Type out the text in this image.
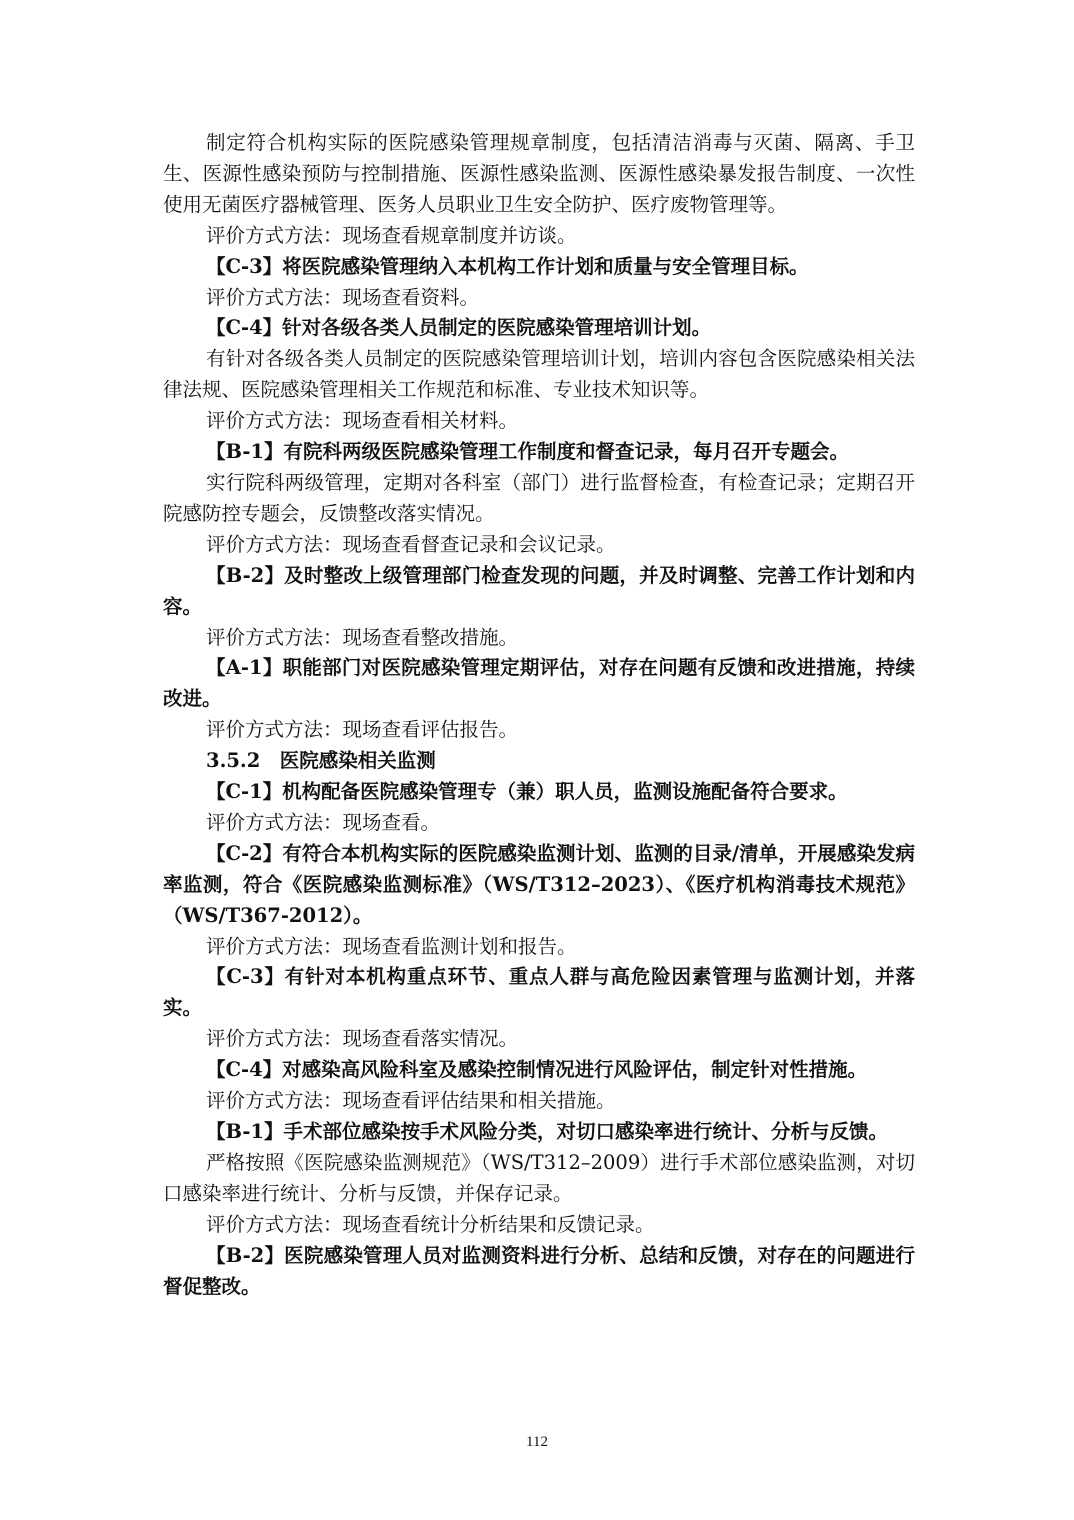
制定符合机构实际的医院感染管理规章制度，包括清洁消毒与灭菌、隔离、手卫生、医源性感染预防与控制措施、医源性感染监测、医源性感染暴发报告制度、一次性使用无菌医疗器械管理、医务人员职业卫生安全防护、医疗废物管理等。

评价方式方法：现场查看规章制度并访谈。

【C-3】将医院感染管理纳入本机构工作计划和质量与安全管理目标。

评价方式方法：现场查看资料。

【C-4】针对各级各类人员制定的医院感染管理培训计划。

有针对各级各类人员制定的医院感染管理培训计划，培训内容包含医院感染相关法律法规、医院感染管理相关工作规范和标准、专业技术知识等。

评价方式方法：现场查看相关材料。

【B-1】有院科两级医院感染管理工作制度和督查记录，每月召开专题会。

实行院科两级管理，定期对各科室（部门）进行监督检查，有检查记录；定期召开院感防控专题会，反馈整改落实情况。

评价方式方法：现场查看督查记录和会议记录。

【B-2】及时整改上级管理部门检查发现的问题，并及时调整、完善工作计划和内容。

评价方式方法：现场查看整改措施。

【A-1】职能部门对医院感染管理定期评估，对存在问题有反馈和改进措施，持续改进。

评价方式方法：现场查看评估报告。

3.5.2　医院感染相关监测

【C-1】机构配备医院感染管理专（兼）职人员，监测设施配备符合要求。

评价方式方法：现场查看。

【C-2】有符合本机构实际的医院感染监测计划、监测的目录/清单，开展感染发病率监测，符合《医院感染监测标准》（WS/T312–2023）、《医疗机构消毒技术规范》（WS/T367-2012）。

评价方式方法：现场查看监测计划和报告。

【C-3】有针对本机构重点环节、重点人群与高危险因素管理与监测计划，并落实。

评价方式方法：现场查看落实情况。

【C-4】对感染高风险科室及感染控制情况进行风险评估，制定针对性措施。

评价方式方法：现场查看评估结果和相关措施。

【B-1】手术部位感染按手术风险分类，对切口感染率进行统计、分析与反馈。

严格按照《医院感染监测规范》（WS/T312–2009）进行手术部位感染监测，对切口感染率进行统计、分析与反馈，并保存记录。

评价方式方法：现场查看统计分析结果和反馈记录。

【B-2】医院感染管理人员对监测资料进行分析、总结和反馈，对存在的问题进行督促整改。

112
